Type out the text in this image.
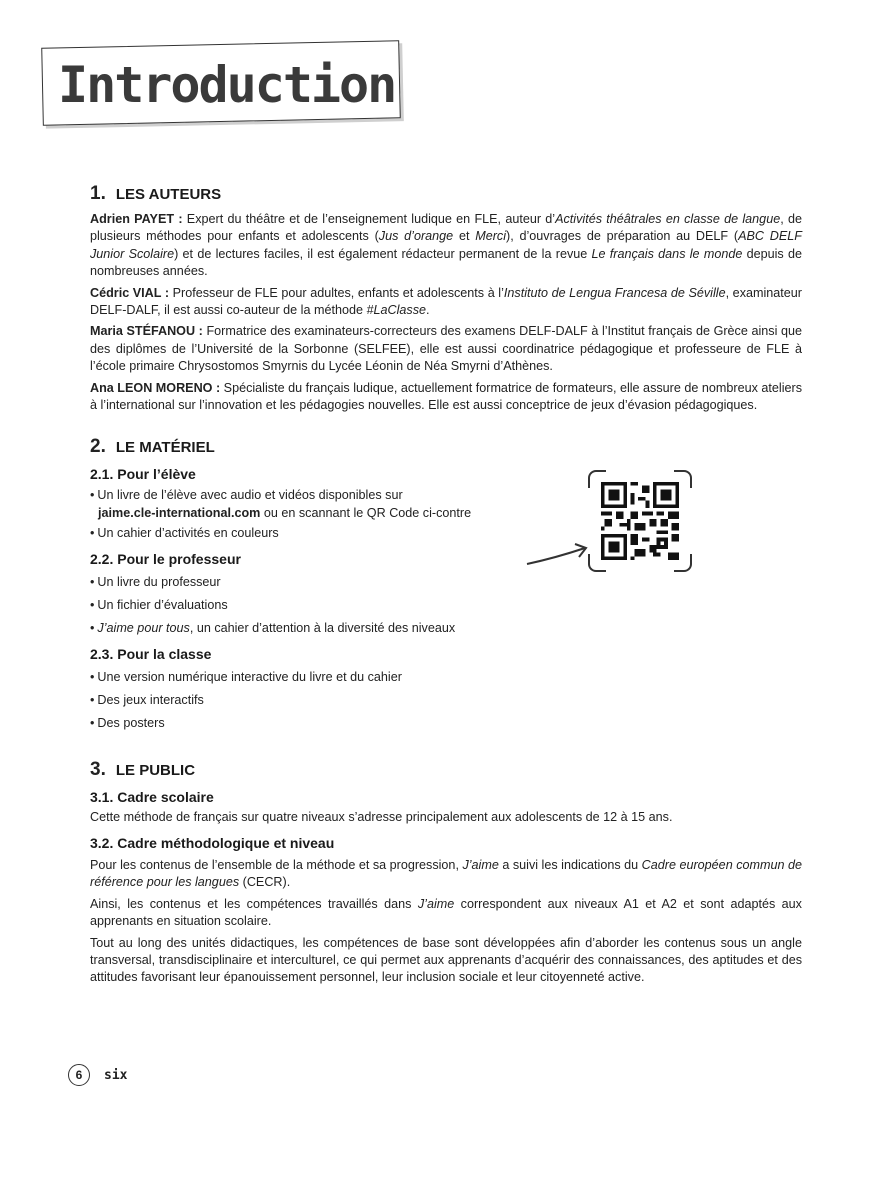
Introduction
1. LES AUTEURS

Adrien PAYET : Expert du théâtre et de l’enseignement ludique en FLE, auteur d’Activités théâtrales en classe de langue, de plusieurs méthodes pour enfants et adolescents (Jus d’orange et Merci), d’ouvrages de préparation au DELF (ABC DELF Junior Scolaire) et de lectures faciles, il est également rédacteur permanent de la revue Le français dans le monde depuis de nombreuses années.

Cédric VIAL : Professeur de FLE pour adultes, enfants et adolescents à l’Instituto de Lengua Francesa de Séville, examinateur DELF-DALF, il est aussi co-auteur de la méthode #LaClasse.

Maria STÉFANOU : Formatrice des examinateurs-correcteurs des examens DELF-DALF à l’Institut français de Grèce ainsi que des diplômes de l’Université de la Sorbonne (SELFEE), elle est aussi coordinatrice pédagogique et professeure de FLE à l’école primaire Chrysostomos Smyrnis du Lycée Léonin de Néa Smyrni d’Athènes.

Ana LEON MORENO : Spécialiste du français ludique, actuellement formatrice de formateurs, elle assure de nombreux ateliers à l’international sur l’innovation et les pédagogies nouvelles. Elle est aussi conceptrice de jeux d’évasion pédagogiques.

2. LE MATÉRIEL
2.1. Pour l’élève
• Un livre de l’élève avec audio et vidéos disponibles sur
jaime.cle-international.com ou en scannant le QR Code ci-contre
• Un cahier d’activités en couleurs
2.2. Pour le professeur
• Un livre du professeur
• Un fichier d’évaluations
• J’aime pour tous, un cahier d’attention à la diversité des niveaux
2.3. Pour la classe
• Une version numérique interactive du livre et du cahier
• Des jeux interactifs
• Des posters
3. LE PUBLIC
3.1. Cadre scolaire

Cette méthode de français sur quatre niveaux s’adresse principalement aux adolescents de 12 à 15 ans.

3.2. Cadre méthodologique et niveau

Pour les contenus de l’ensemble de la méthode et sa progression, J’aime a suivi les indications du Cadre européen commun de référence pour les langues (CECR).

Ainsi, les contenus et les compétences travaillés dans J’aime correspondent aux niveaux A1 et A2 et sont adaptés aux apprenants en situation scolaire.

Tout au long des unités didactiques, les compétences de base sont développées afin d’aborder les contenus sous un angle transversal, transdisciplinaire et interculturel, ce qui permet aux apprenants d’acquérir des connaissances, des aptitudes et des attitudes favorisant leur épanouissement personnel, leur inclusion sociale et leur citoyenneté active.

6	six
